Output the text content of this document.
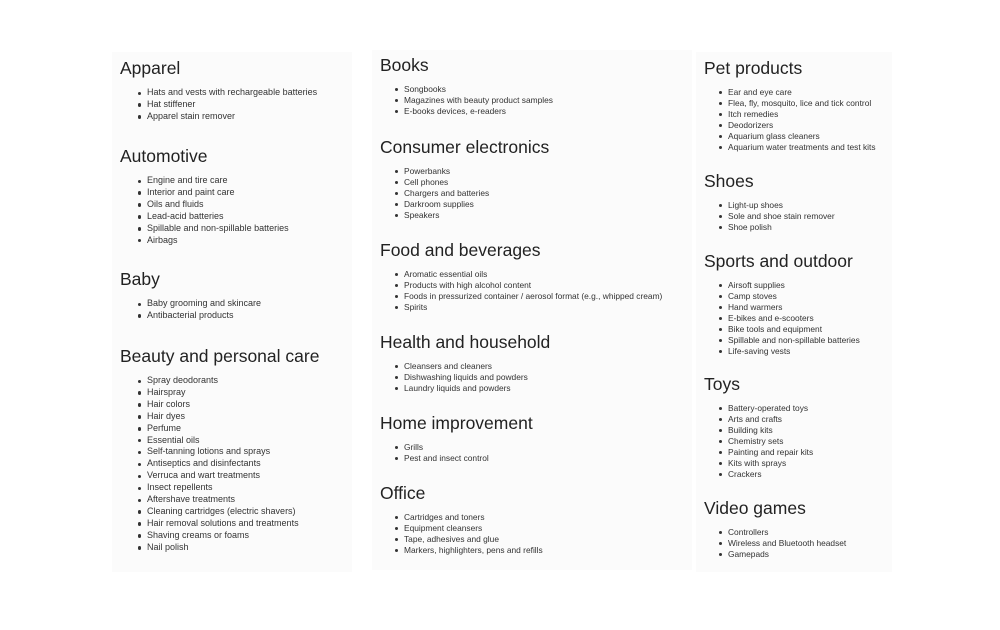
Apparel
Hats and vests with rechargeable batteries
Hat stiffener
Apparel stain remover
Automotive
Engine and tire care
Interior and paint care
Oils and fluids
Lead-acid batteries
Spillable and non-spillable batteries
Airbags
Baby
Baby grooming and skincare
Antibacterial products
Beauty and personal care
Spray deodorants
Hairspray
Hair colors
Hair dyes
Perfume
Essential oils
Self-tanning lotions and sprays
Antiseptics and disinfectants
Verruca and wart treatments
Insect repellents
Aftershave treatments
Cleaning cartridges (electric shavers)
Hair removal solutions and treatments
Shaving creams or foams
Nail polish
Books
Songbooks
Magazines with beauty product samples
E-books devices, e-readers
Consumer electronics
Powerbanks
Cell phones
Chargers and batteries
Darkroom supplies
Speakers
Food and beverages
Aromatic essential oils
Products with high alcohol content
Foods in pressurized container / aerosol format (e.g., whipped cream)
Spirits
Health and household
Cleansers and cleaners
Dishwashing liquids and powders
Laundry liquids and powders
Home improvement
Grills
Pest and insect control
Office
Cartridges and toners
Equipment cleansers
Tape, adhesives and glue
Markers, highlighters, pens and refills
Pet products
Ear and eye care
Flea, fly, mosquito, lice and tick control
Itch remedies
Deodorizers
Aquarium glass cleaners
Aquarium water treatments and test kits
Shoes
Light-up shoes
Sole and shoe stain remover
Shoe polish
Sports and outdoor
Airsoft supplies
Camp stoves
Hand warmers
E-bikes and e-scooters
Bike tools and equipment
Spillable and non-spillable batteries
Life-saving vests
Toys
Battery-operated toys
Arts and crafts
Building kits
Chemistry sets
Painting and repair kits
Kits with sprays
Crackers
Video games
Controllers
Wireless and Bluetooth headset
Gamepads
